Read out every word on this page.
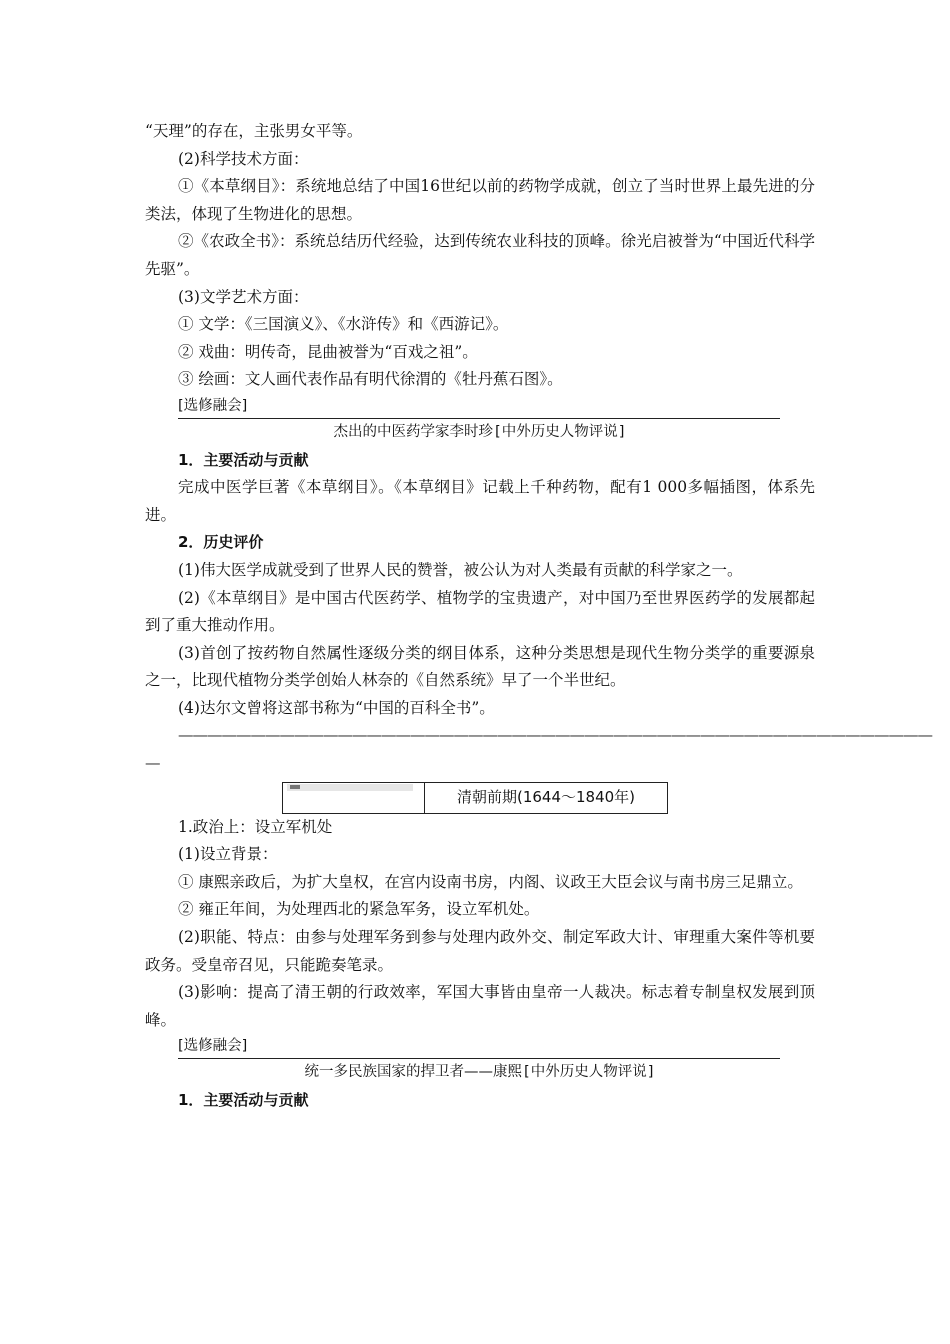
“天理”的存在，主张男女平等。

(2)科学技术方面：

①《本草纲目》：系统地总结了中国16世纪以前的药物学成就，创立了当时世界上最先进的分类法，体现了生物进化的思想。

②《农政全书》：系统总结历代经验，达到传统农业科技的顶峰。徐光启被誉为“中国近代科学先驱”。

(3)文学艺术方面：

① 文学：《三国演义》、《水浒传》和《西游记》。

② 戏曲：明传奇，昆曲被誉为“百戏之祖”。

③ 绘画：文人画代表作品有明代徐渭的《牡丹蕉石图》。

[选修融会]

杰出的中医药学家李时珍[中外历史人物评说]

1．主要活动与贡献

完成中医学巨著《本草纲目》。《本草纲目》记载上千种药物，配有1 000多幅插图，体系先进。

2．历史评价

(1)伟大医学成就受到了世界人民的赞誉，被公认为对人类最有贡献的科学家之一。

(2)《本草纲目》是中国古代医药学、植物学的宝贵遗产，对中国乃至世界医药学的发展都起到了重大推动作用。

(3)首创了按药物自然属性逐级分类的纲目体系，这种分类思想是现代生物分类学的重要源泉之一，比现代植物分类学创始人林奈的《自然系统》早了一个半世纪。

(4)达尔文曾将这部书称为“中国的百科全书”。

————————————————————————————————————————————————————
—
清朝前期(1644～1840年)

1.政治上：设立军机处

(1)设立背景：

① 康熙亲政后，为扩大皇权，在宫内设南书房，内阁、议政王大臣会议与南书房三足鼎立。

② 雍正年间，为处理西北的紧急军务，设立军机处。

(2)职能、特点：由参与处理军务到参与处理内政外交、制定军政大计、审理重大案件等机要政务。受皇帝召见，只能跪奏笔录。

(3)影响：提高了清王朝的行政效率，军国大事皆由皇帝一人裁决。标志着专制皇权发展到顶峰。

[选修融会]

统一多民族国家的捍卫者——康熙[中外历史人物评说]

1．主要活动与贡献
